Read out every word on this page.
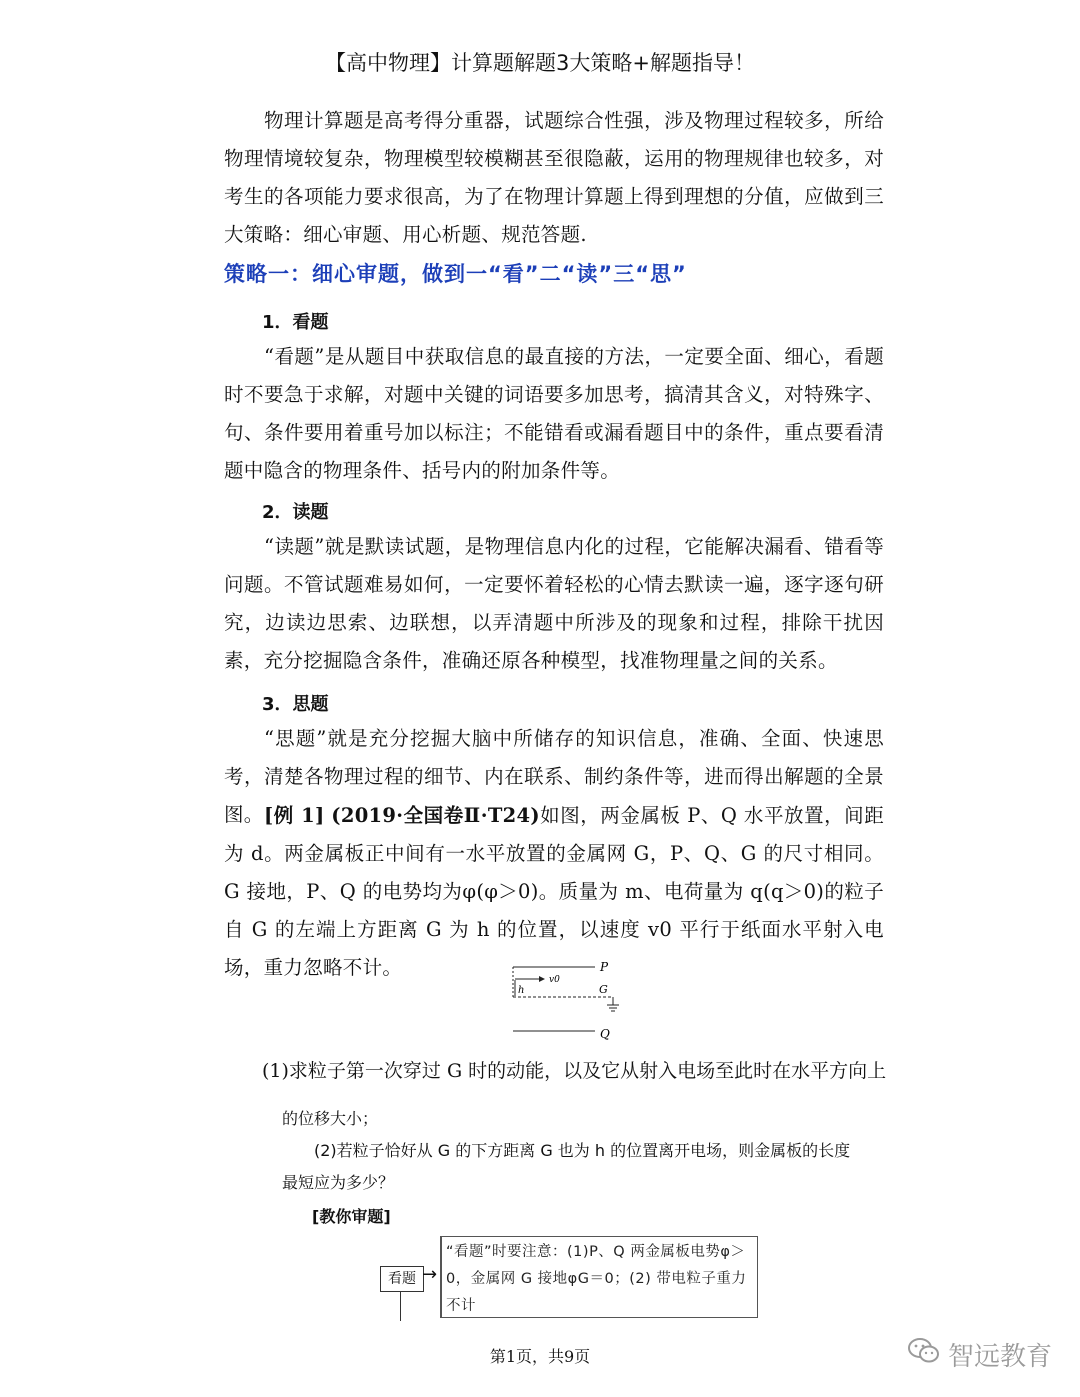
【高中物理】计算题解题3大策略+解题指导！

物理计算题是高考得分重器，试题综合性强，涉及物理过程较多，所给物理情境较复杂，物理模型较模糊甚至很隐蔽，运用的物理规律也较多，对考生的各项能力要求很高，为了在物理计算题上得到理想的分值，应做到三大策略：细心审题、用心析题、规范答题.

策略一：细心审题，做到一“看”二“读”三“思”
1．看题

“看题”是从题目中获取信息的最直接的方法，一定要全面、细心，看题时不要急于求解，对题中关键的词语要多加思考，搞清其含义，对特殊字、句、条件要用着重号加以标注；不能错看或漏看题目中的条件，重点要看清题中隐含的物理条件、括号内的附加条件等。

2．读题

“读题”就是默读试题，是物理信息内化的过程，它能解决漏看、错看等问题。不管试题难易如何，一定要怀着轻松的心情去默读一遍，逐字逐句研究，边读边思索、边联想，以弄清题中所涉及的现象和过程，排除干扰因素，充分挖掘隐含条件，准确还原各种模型，找准物理量之间的关系。

3．思题

“思题”就是充分挖掘大脑中所储存的知识信息，准确、全面、快速思考，清楚各物理过程的细节、内在联系、制约条件等，进而得出解题的全景图。 [例 1] (2019·全国卷Ⅱ·T24)如图，两金属板 P、Q 水平放置，间距为 d。两金属板正中间有一水平放置的金属网 G，P、Q、G 的尺寸相同。G 接地，P、Q 的电势均为φ(φ＞0)。质量为 m、电荷量为 q(q＞0)的粒子自 G 的左端上方距离 G 为 h 的位置，以速度 v0 平行于纸面水平射入电场，重力忽略不计。	P
v0
h	G
Q
(1)求粒子第一次穿过 G 时的动能，以及它从射入电场至此时在水平方向上
的位移大小；
(2)若粒子恰好从 G 的下方距离 G 也为 h 的位置离开电场，则金属板的长度
最短应为多少？
[教你审题]
看题 →
“看题”时要注意：(1)P、Q 两金属板电势φ＞0，金属网 G 接地φG＝0；(2) 带电粒子重力不计
第1页，共9页	智远教育
